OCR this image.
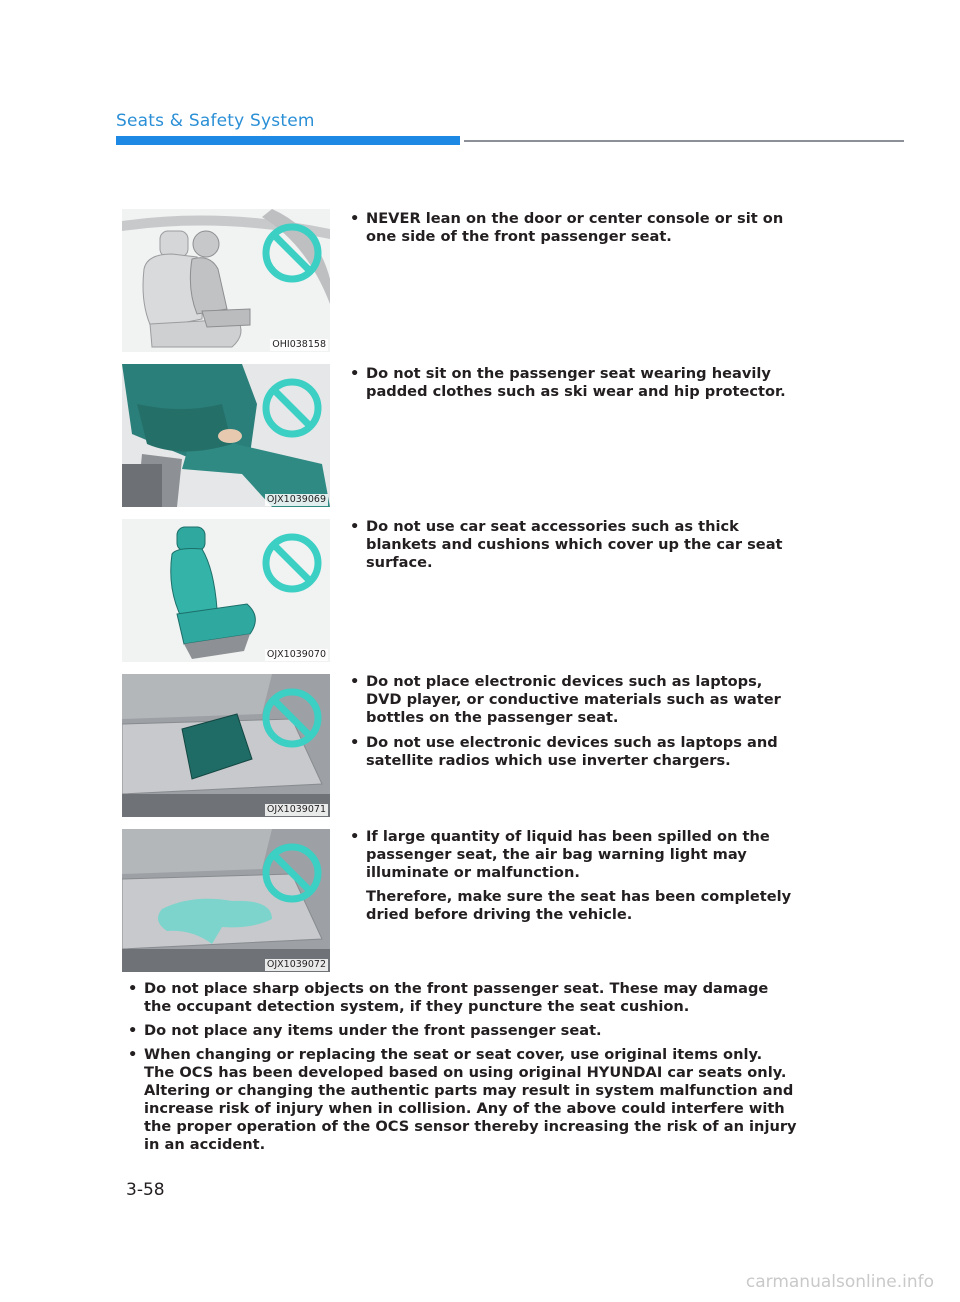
Seats & Safety System
OHI038158
OJX1039069
OJX1039070
OJX1039071
OJX1039072
• NEVER lean on the door or center console or sit on one side of the front passenger seat.
• Do not sit on the passenger seat wearing heavily padded clothes such as ski wear and hip protector.
• Do not use car seat accessories such as thick blankets and cushions which cover up the car seat surface.
• Do not place electronic devices such as laptops, DVD player, or conductive materials such as water bottles on the passenger seat.
• Do not use electronic devices such as laptops and satellite radios which use inverter chargers.
• If large quantity of liquid has been spilled on the passenger seat, the air bag warning light may illuminate or malfunction.
Therefore, make sure the seat has been completely dried before driving the vehicle.
• Do not place sharp objects on the front passenger seat. These may damage the occupant detection system, if they puncture the seat cushion.
• Do not place any items under the front passenger seat.
• When changing or replacing the seat or seat cover, use original items only.
The OCS has been developed based on using original HYUNDAI car seats only. Altering or changing the authentic parts may result in system malfunction and increase risk of injury when in collision. Any of the above could interfere with the proper operation of the OCS sensor thereby increasing the risk of an injury in an accident.
3-58
carmanualsonline.info
